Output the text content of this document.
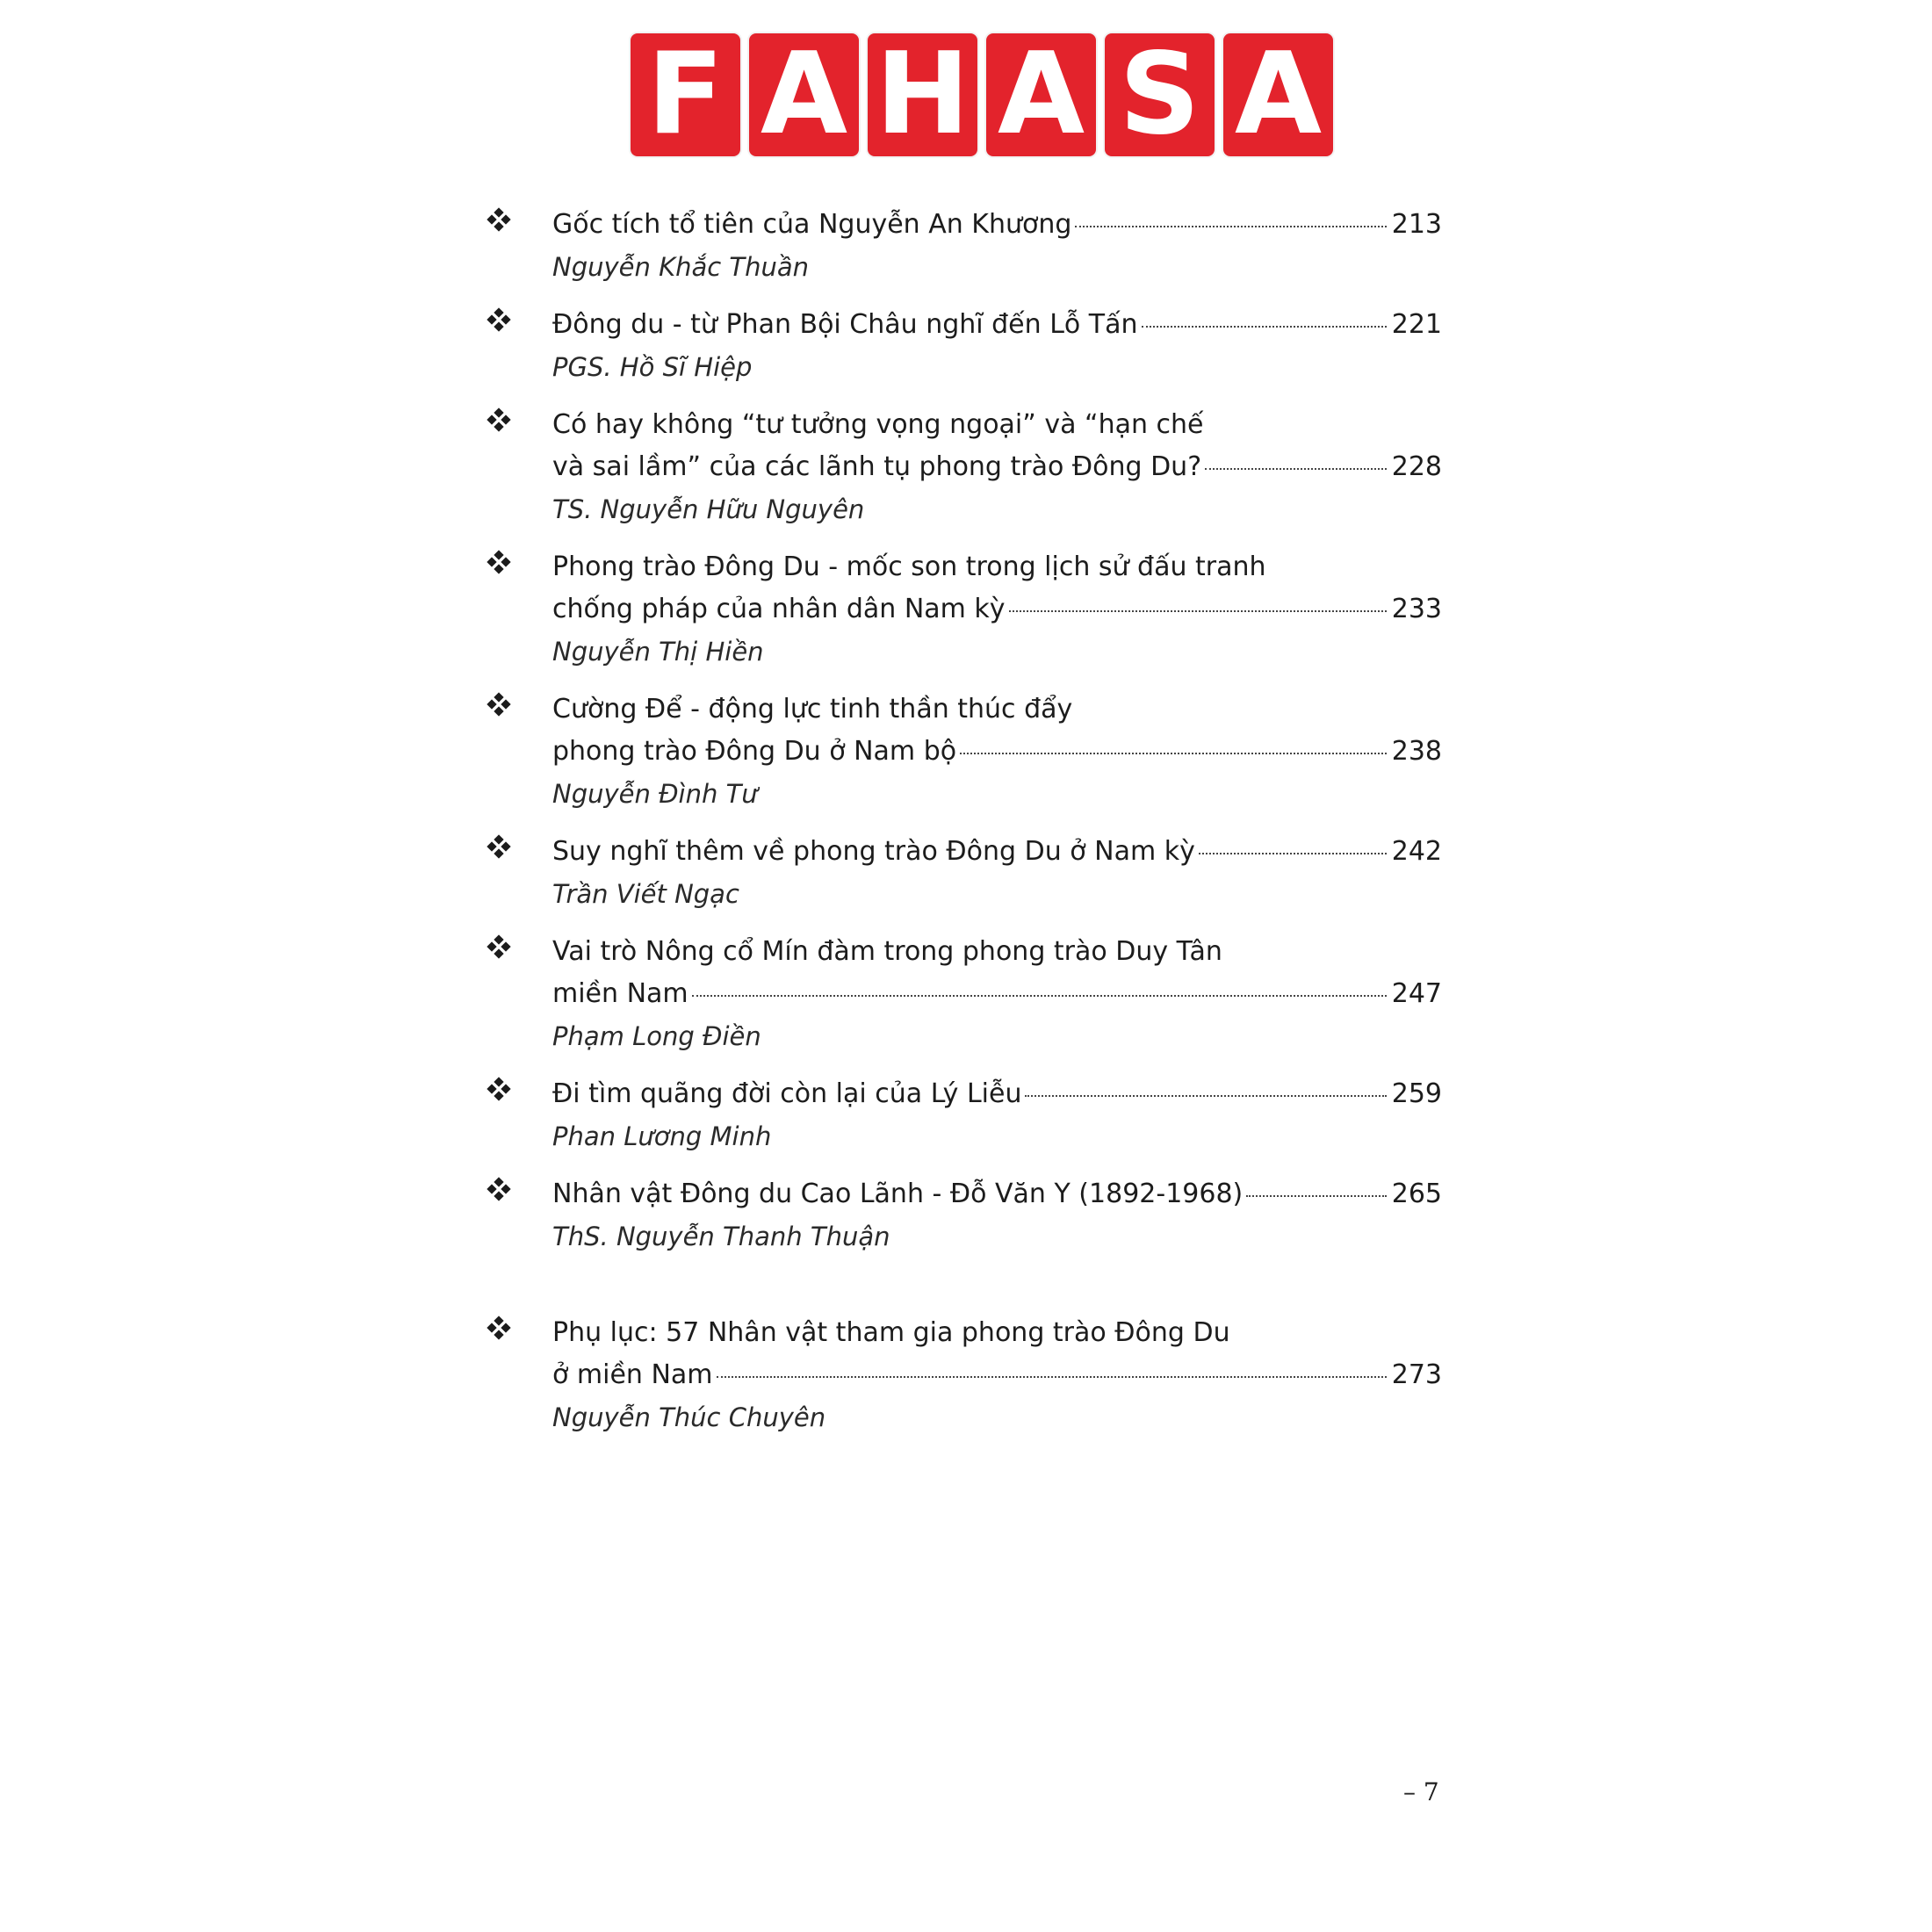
F A H A S A
Gốc tích tổ tiên của Nguyễn An Khương	213
Nguyễn Khắc Thuần
Đông du - từ Phan Bội Châu nghĩ đến Lỗ Tấn	221
PGS. Hồ Sĩ Hiệp
Có hay không “tư tưởng vọng ngoại” và “hạn chế
và sai lầm” của các lãnh tụ phong trào Đông Du?	228
TS. Nguyễn Hữu Nguyên
Phong trào Đông Du - mốc son trong lịch sử đấu tranh
chống pháp của nhân dân Nam kỳ	233
Nguyễn Thị Hiền
Cường Để - động lực tinh thần thúc đẩy
phong trào Đông Du ở Nam bộ	238
Nguyễn Đình Tư
Suy nghĩ thêm về phong trào Đông Du ở Nam kỳ	242
Trần Viết Ngạc
Vai trò Nông cổ Mín đàm trong phong trào Duy Tân
miền Nam	247
Phạm Long Điền
Đi tìm quãng đời còn lại của Lý Liễu	259
Phan Lương Minh
Nhân vật Đông du Cao Lãnh - Đỗ Văn Y (1892-1968)	265
ThS. Nguyễn Thanh Thuận
Phụ lục: 57 Nhân vật tham gia phong trào Đông Du
ở miền Nam	273
Nguyễn Thúc Chuyên
– 7
